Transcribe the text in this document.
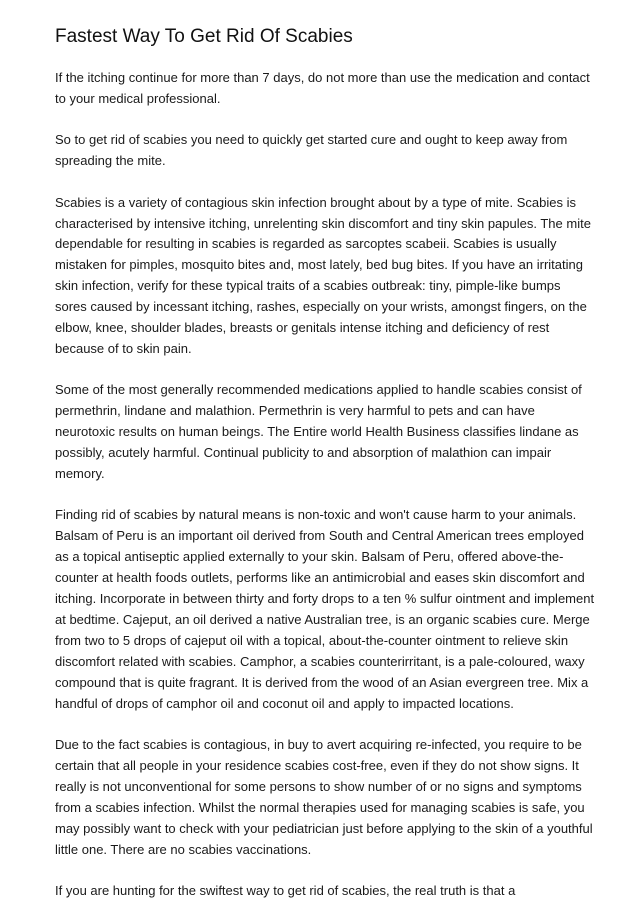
Fastest Way To Get Rid Of Scabies

If the itching continue for more than 7 days, do not more than use the medication and contact to your medical professional.

So to get rid of scabies you need to quickly get started cure and ought to keep away from spreading the mite.

Scabies is a variety of contagious skin infection brought about by a type of mite. Scabies is characterised by intensive itching, unrelenting skin discomfort and tiny skin papules. The mite dependable for resulting in scabies is regarded as sarcoptes scabeii. Scabies is usually mistaken for pimples, mosquito bites and, most lately, bed bug bites. If you have an irritating skin infection, verify for these typical traits of a scabies outbreak: tiny, pimple-like bumps sores caused by incessant itching, rashes, especially on your wrists, amongst fingers, on the elbow, knee, shoulder blades, breasts or genitals intense itching and deficiency of rest because of to skin pain.

Some of the most generally recommended medications applied to handle scabies consist of permethrin, lindane and malathion. Permethrin is very harmful to pets and can have neurotoxic results on human beings. The Entire world Health Business classifies lindane as possibly, acutely harmful. Continual publicity to and absorption of malathion can impair memory.

Finding rid of scabies by natural means is non-toxic and won't cause harm to your animals. Balsam of Peru is an important oil derived from South and Central American trees employed as a topical antiseptic applied externally to your skin. Balsam of Peru, offered above-the-counter at health foods outlets, performs like an antimicrobial and eases skin discomfort and itching. Incorporate in between thirty and forty drops to a ten % sulfur ointment and implement at bedtime. Cajeput, an oil derived a native Australian tree, is an organic scabies cure. Merge from two to 5 drops of cajeput oil with a topical, about-the-counter ointment to relieve skin discomfort related with scabies. Camphor, a scabies counterirritant, is a pale-coloured, waxy compound that is quite fragrant. It is derived from the wood of an Asian evergreen tree. Mix a handful of drops of camphor oil and coconut oil and apply to impacted locations.

Due to the fact scabies is contagious, in buy to avert acquiring re-infected, you require to be certain that all people in your residence scabies cost-free, even if they do not show signs. It really is not unconventional for some persons to show number of or no signs and symptoms from a scabies infection. Whilst the normal therapies used for managing scabies is safe, you may possibly want to check with your pediatrician just before applying to the skin of a youthful little one. There are no scabies vaccinations.

If you are hunting for the swiftest way to get rid of scabies, the real truth is that a
